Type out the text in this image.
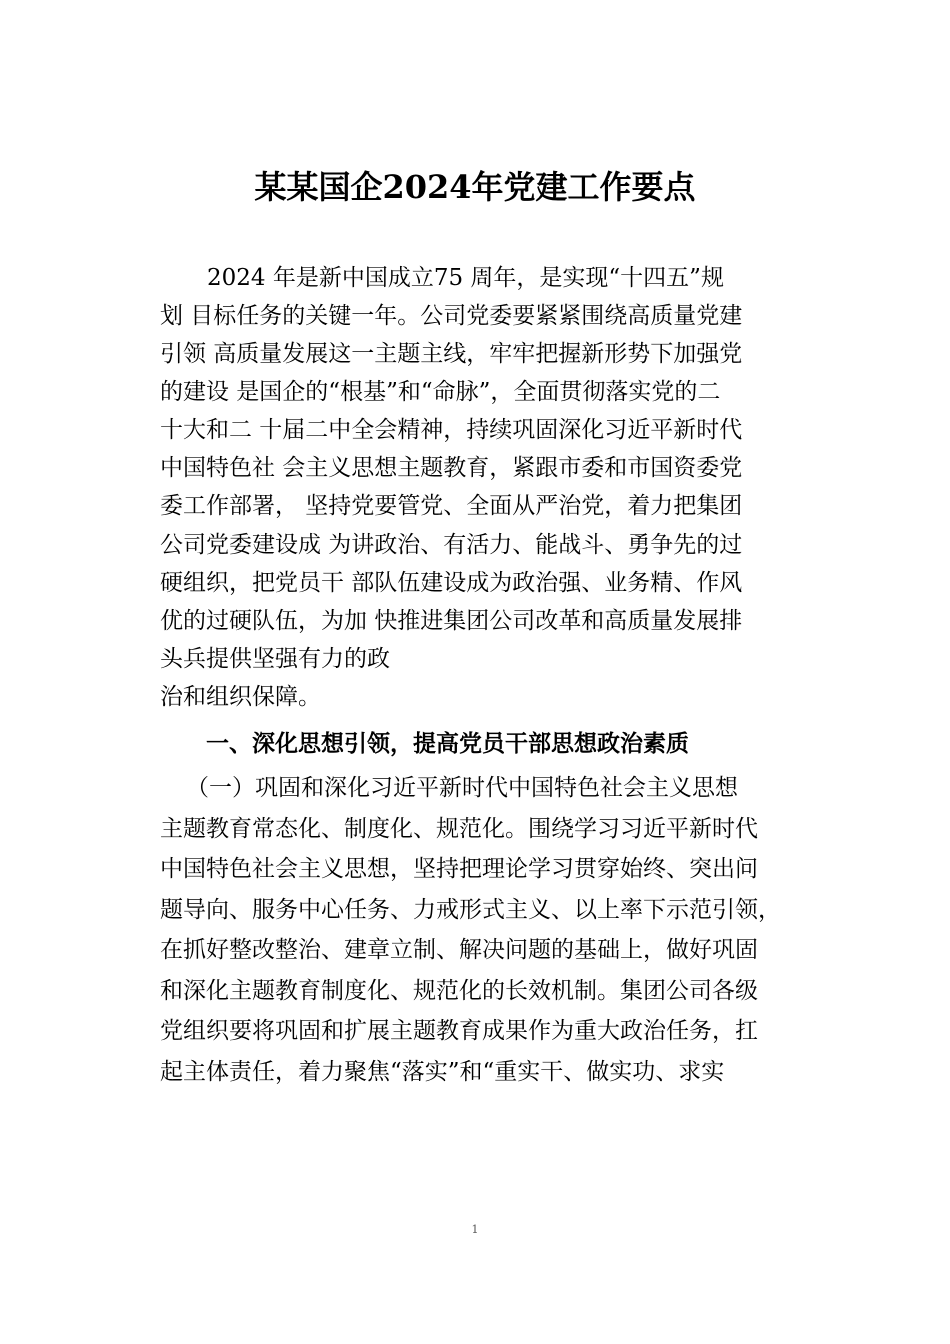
某某国企2024年党建工作要点
2024 年是新中国成立75 周年，是实现“十四五”规
划 目标任务的关键一年。公司党委要紧紧围绕高质量党建
引领 高质量发展这一主题主线，牢牢把握新形势下加强党
的建设 是国企的“根基”和“命脉”，全面贯彻落实党的二
十大和二 十届二中全会精神，持续巩固深化习近平新时代
中国特色社 会主义思想主题教育，紧跟市委和市国资委党
委工作部署， 坚持党要管党、全面从严治党，着力把集团
公司党委建设成 为讲政治、有活力、能战斗、勇争先的过
硬组织，把党员干 部队伍建设成为政治强、业务精、作风
优的过硬队伍，为加 快推进集团公司改革和高质量发展排
头兵提供坚强有力的政
治和组织保障。
一、深化思想引领，提高党员干部思想政治素质
（一）巩固和深化习近平新时代中国特色社会主义思想
主题教育常态化、制度化、规范化。围绕学习习近平新时代
中国特色社会主义思想，坚持把理论学习贯穿始终、突出问
题导向、服务中心任务、力戒形式主义、以上率下示范引领，
在抓好整改整治、建章立制、解决问题的基础上，做好巩固
和深化主题教育制度化、规范化的长效机制。集团公司各级
党组织要将巩固和扩展主题教育成果作为重大政治任务，扛
起主体责任，着力聚焦“落实”和“重实干、做实功、求实
1
